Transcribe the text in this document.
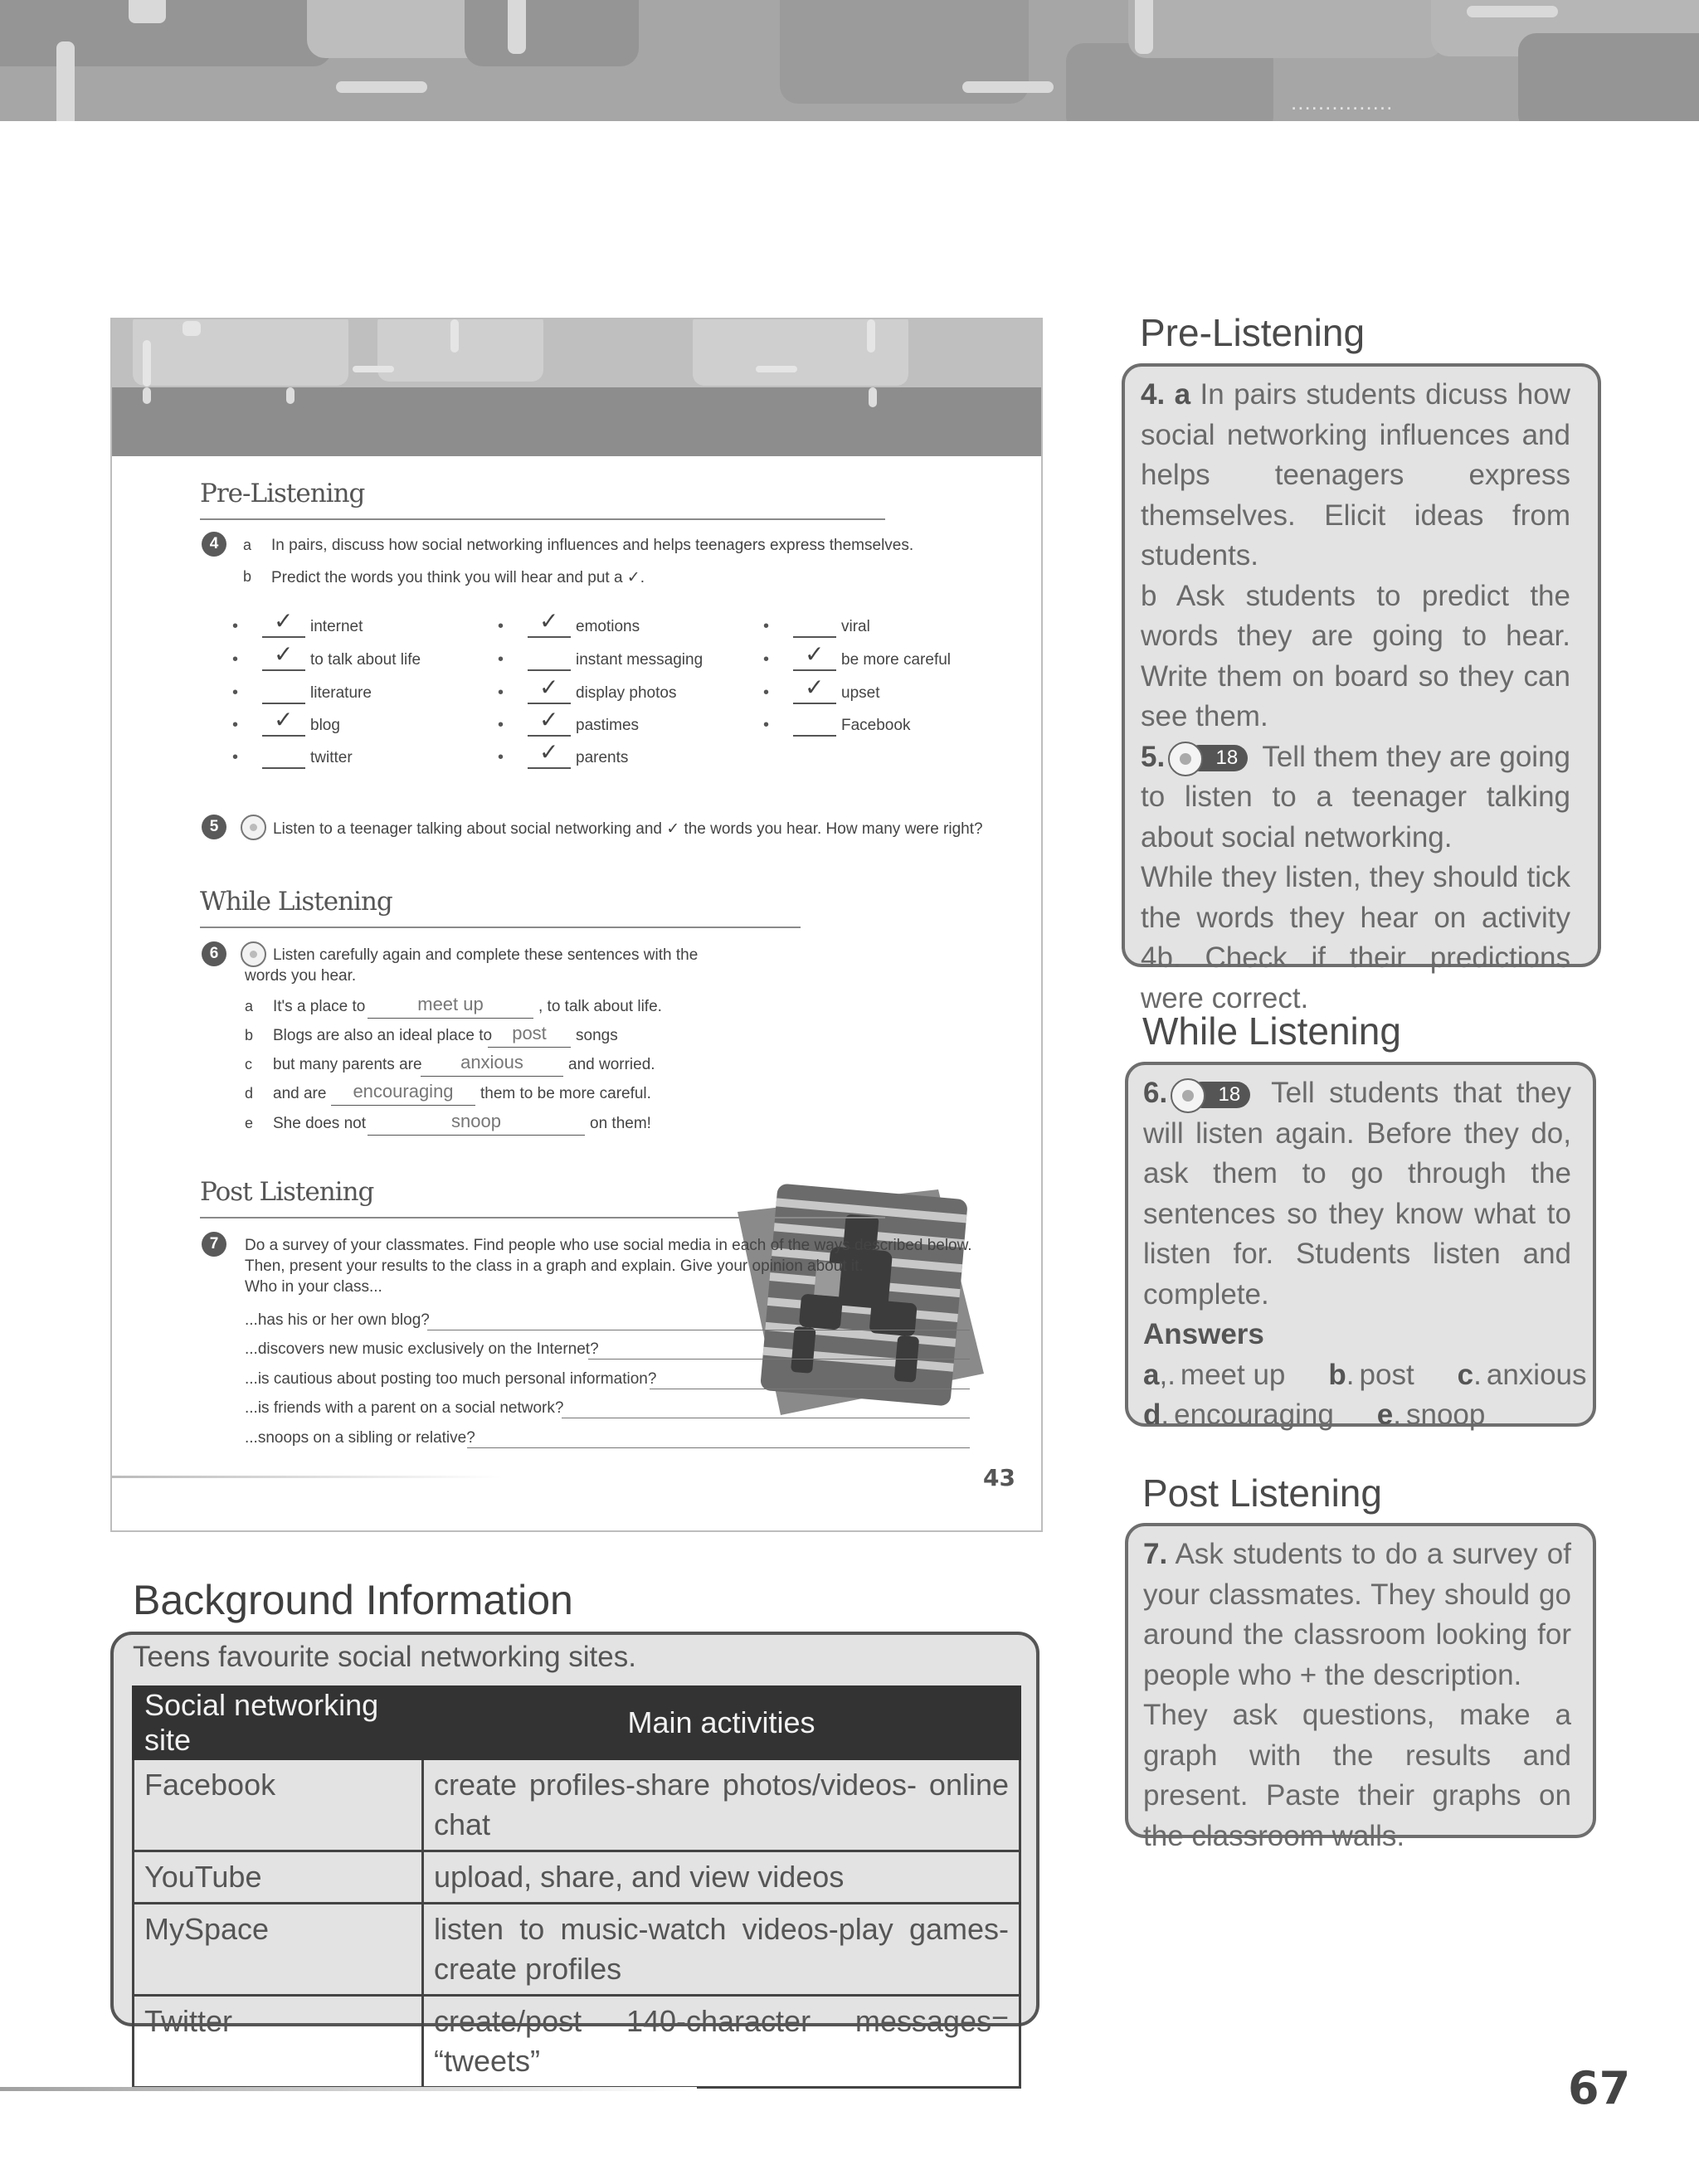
...............
Pre-Listening
4	a In pairs, discuss how social networking influences and helps teenagers express themselves.
b Predict the words you think you will hear and put a ✓.
• ✓ internet
• ✓ to talk about life
•	literature
• ✓ blog
•	twitter
• ✓ emotions
•	instant messaging
• ✓ display photos
• ✓ pastimes
• ✓ parents
•	viral
• ✓ be more careful
• ✓ upset
•	Facebook
5	Listen to a teenager talking about social networking and ✓ the words you hear. How many were right?
While Listening
6	Listen carefully again and complete these sentences with the
words you hear.
a It's a place to	meet up	, to talk about life.
b Blogs are also an ideal place to	post	songs
c but many parents are	anxious	and worried.
d and are	encouraging	them to be more careful.
e She does not	snoop	on them!
Post Listening
7	Do a survey of your classmates. Find people who use social media in each of the ways described below.
Then, present your results to the class in a graph and explain. Give your opinion about it.
Who in your class...
...has his or her own blog?
...discovers new music exclusively on the Internet?
...is cautious about posting too much personal information?
...is friends with a parent on a social network?
...snoops on a sibling or relative?
43
Pre-Listening
4. a In pairs students dicuss how social networking influences and helps teenagers express themselves. Elicit ideas from students.
b Ask students to predict the words they are going to hear. Write them on board so they can see them.
5.	18 Tell them they are going to listen to a teenager talking about social networking.
While they listen, they should tick the words they hear on activity 4b. Check if their predictions were correct.
While Listening
6.	18	Tell students that they will listen again. Before they do, ask them to go through the sentences so they know what to listen for. Students listen and complete.
Answers
a,. meet up b. post c. anxious
d. encouraging e. snoop
Post Listening
7. Ask students to do a survey of your classmates. They should go around the classroom looking for people who + the description.
They ask questions, make a graph with the results and present. Paste their graphs on the classroom walls.
Background Information
Teens favourite social networking sites.
Social networking site	Main activities
Facebook	create profiles-share photos/videos- online chat
YouTube	upload, share, and view videos
MySpace	listen to music-watch videos-play games-create profiles
Twitter	create/post 140-character messages= “tweets”
67
